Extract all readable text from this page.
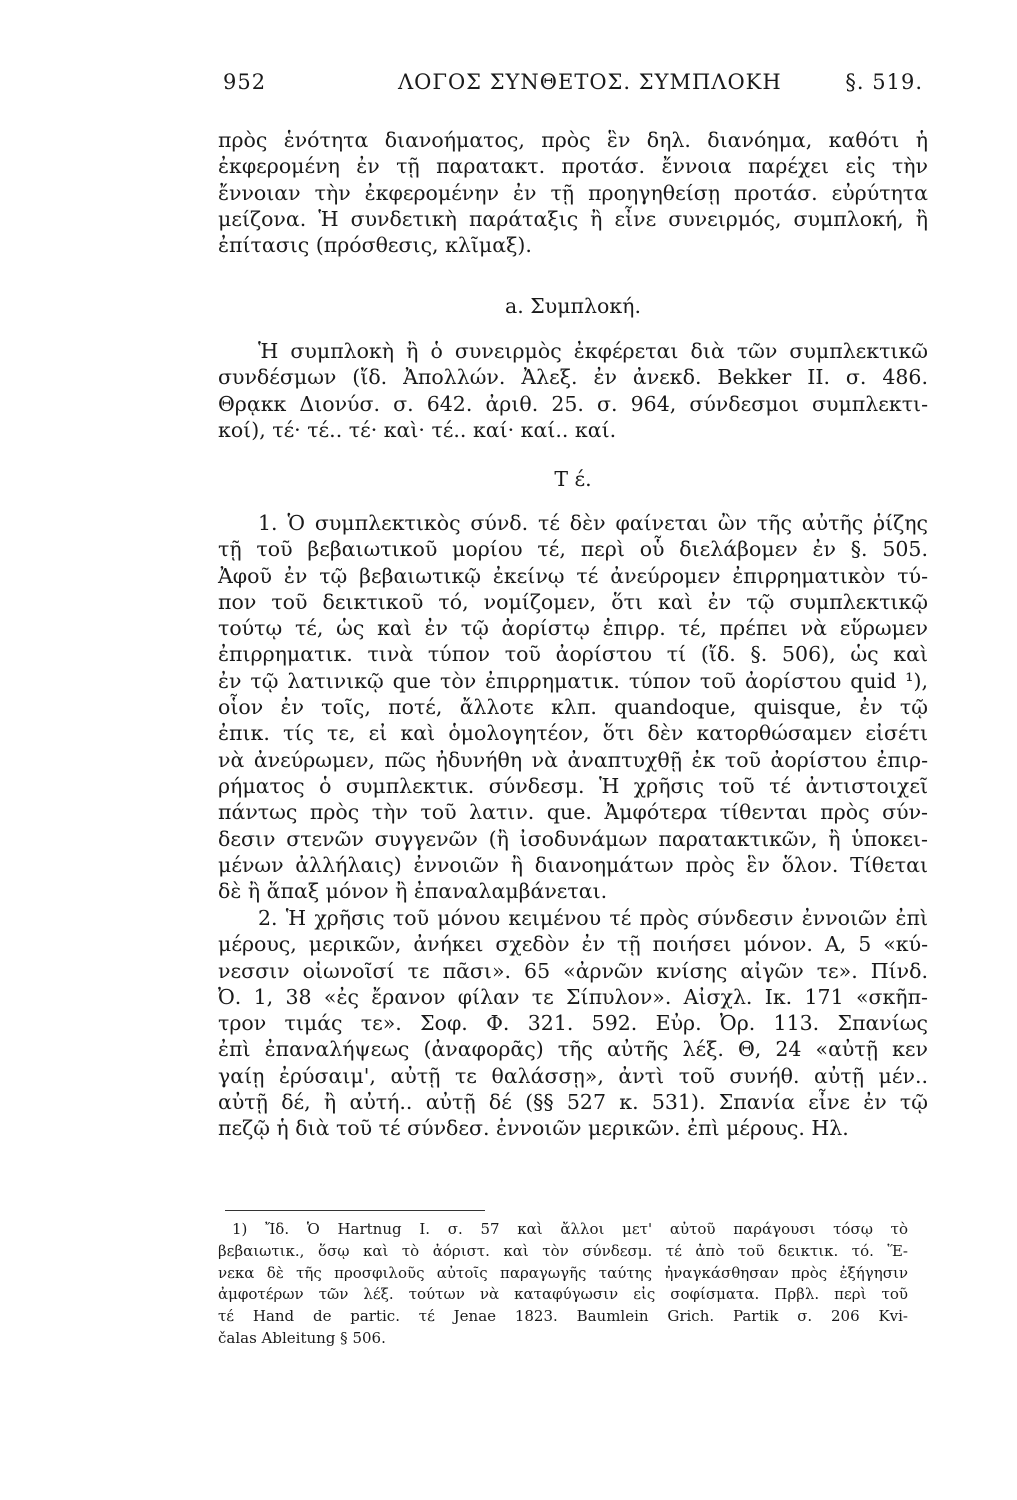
952	ΛΟΓΟΣ ΣΥΝΘΕΤΟΣ. ΣΥΜΠΛΟΚΗ	§. 519.

πρὸς ἑνότητα διανοήματος, πρὸς ἓν δηλ. διανόημα, καθότι ἡ

ἐκφερομένη ἐν τῇ παρατακτ. προτάσ. ἔννοια παρέχει εἰς τὴν

ἔννοιαν τὴν ἐκφερομένην ἐν τῇ προηγηθείσῃ προτάσ. εὐρύτητα

μείζονα. Ἡ συνδετικὴ παράταξις ἢ εἶνε συνειρμός, συμπλοκή, ἢ

ἐπίτασις (πρόσθεσις, κλῖμαξ).

a. Συμπλοκή.

Ἡ συμπλοκὴ ἢ ὁ συνειρμὸς ἐκφέρεται διὰ τῶν συμπλεκτικῶ

συνδέσμων (ἴδ. Ἀπολλών. Ἀλεξ. ἐν ἀνεκδ. Bekker II. σ. 486.

Θρᾳκκ Διονύσ. σ. 642. ἀριθ. 25. σ. 964, σύνδεσμοι συμπλεκτι-

κοί), τέ· τέ.. τέ· καὶ· τέ.. καί· καί.. καί.

Τ έ.

1. Ὁ συμπλεκτικὸς σύνδ. τέ δὲν φαίνεται ὢν τῆς αὐτῆς ῥίζης

τῇ τοῦ βεβαιωτικοῦ μορίου τέ, περὶ οὗ διελάβομεν ἐν §. 505.

Ἀφοῦ ἐν τῷ βεβαιωτικῷ ἐκείνῳ τέ ἀνεύρομεν ἐπιρρηματικὸν τύ-

πον τοῦ δεικτικοῦ τό, νομίζομεν, ὅτι καὶ ἐν τῷ συμπλεκτικῷ

τούτῳ τέ, ὡς καὶ ἐν τῷ ἀορίστῳ ἐπιρρ. τέ, πρέπει νὰ εὕρωμεν

ἐπιρρηματικ. τινὰ τύπον τοῦ ἀορίστου τί (ἴδ. §. 506), ὡς καὶ

ἐν τῷ λατινικῷ que τὸν ἐπιρρηματικ. τύπον τοῦ ἀορίστου quid ¹),

οἷον ἐν τοῖς, ποτέ, ἄλλοτε κλπ. quandoque, quisque, ἐν τῷ

ἐπικ. τίς τε, εἰ καὶ ὁμολογητέον, ὅτι δὲν κατορθώσαμεν εἰσέτι

νὰ ἀνεύρωμεν, πῶς ἠδυνήθη νὰ ἀναπτυχθῇ ἐκ τοῦ ἀορίστου ἐπιρ-

ρήματος ὁ συμπλεκτικ. σύνδεσμ. Ἡ χρῆσις τοῦ τέ ἀντιστοιχεῖ

πάντως πρὸς τὴν τοῦ λατιν. que. Ἀμφότερα τίθενται πρὸς σύν-

δεσιν στενῶν συγγενῶν (ἢ ἰσοδυνάμων παρατακτικῶν, ἢ ὑποκει-

μένων ἀλλήλαις) ἐννοιῶν ἢ διανοημάτων πρὸς ἓν ὅλον. Τίθεται

δὲ ἢ ἅπαξ μόνον ἢ ἐπαναλαμβάνεται.

2. Ἡ χρῆσις τοῦ μόνου κειμένου τέ πρὸς σύνδεσιν ἐννοιῶν ἐπὶ

μέρους, μερικῶν, ἀνήκει σχεδὸν ἐν τῇ ποιήσει μόνον. Α, 5 «κύ-

νεσσιν οἰωνοῖσί τε πᾶσι». 65 «ἀρνῶν κνίσης αἰγῶν τε». Πίνδ.

Ὀ. 1, 38 «ἐς ἔρανον φίλαν τε Σίπυλον». Αἰσχλ. Ικ. 171 «σκῆπ-

τρον τιμάς τε». Σοφ. Φ. 321. 592. Εὐρ. Ὀρ. 113. Σπανίως

ἐπὶ ἐπαναλήψεως (ἀναφορᾶς) τῆς αὐτῆς λέξ. Θ, 24 «αὐτῇ κεν

γαίῃ ἐρύσαιμ', αὐτῇ τε θαλάσσῃ», ἀντὶ τοῦ συνήθ. αὐτῇ μέν..

αὐτῇ δέ, ἢ αὐτή.. αὐτῇ δέ (§§ 527 κ. 531). Σπανία εἶνε ἐν τῷ

πεζῷ ἡ διὰ τοῦ τέ σύνδεσ. ἐννοιῶν μερικῶν. ἐπὶ μέρους. Ηλ.

1) Ἴδ. Ὁ Hartnug I. σ. 57 καὶ ἄλλοι μετ' αὐτοῦ παράγουσι τόσῳ τὸ

βεβαιωτικ., ὅσῳ καὶ τὸ ἀόριστ. καὶ τὸν σύνδεσμ. τέ ἀπὸ τοῦ δεικτικ. τό. Ἕ-

νεκα δὲ τῆς προσφιλοῦς αὐτοῖς παραγωγῆς ταύτης ἠναγκάσθησαν πρὸς ἐξήγησιν

ἀμφοτέρων τῶν λέξ. τούτων νὰ καταφύγωσιν εἰς σοφίσματα. Πρβλ. περὶ τοῦ

τέ Hand de partic. τέ Jenae 1823. Baumlein Grich. Partik σ. 206 Kvi-

čalas Ableitung § 506.
